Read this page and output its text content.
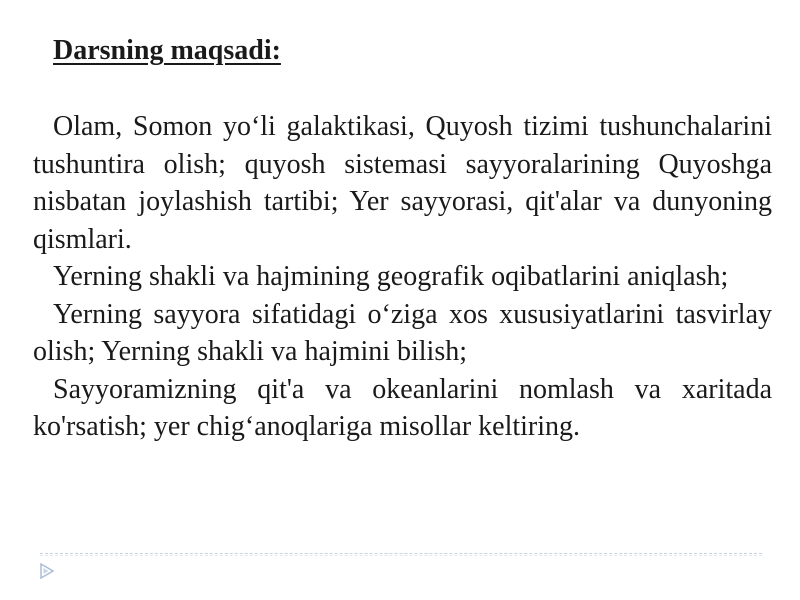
Darsning maqsadi:

Olam, Somon yo‘li galaktikasi, Quyosh tizimi tushunchalarini tushuntira olish; quyosh sistemasi sayyoralarining Quyoshga nisbatan joylashish tartibi; Yer sayyorasi, qit'alar va dunyoning qismlari.

Yerning shakli va hajmining geografik oqibatlarini aniqlash;

Yerning sayyora sifatidagi o‘ziga xos xususiyatlarini tasvirlay olish; Yerning shakli va hajmini bilish;

Sayyoramizning qit'a va okeanlarini nomlash va xaritada ko'rsatish; yer chig‘anoqlariga misollar keltiring.
